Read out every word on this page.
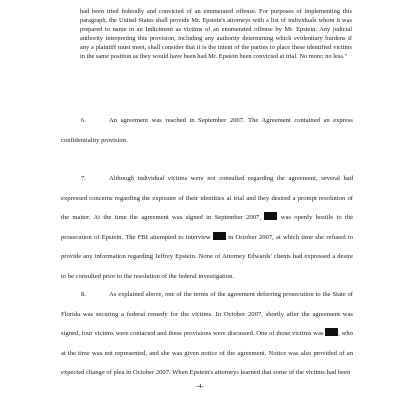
had been tried federally and convicted of an enumerated offense. For purposes of implementing this paragraph, the United States shall provide Mr. Epstein's attorneys with a list of individuals whom it was prepared to name in an Indictment as victims of an enumerated offense by Mr. Epstein. Any judicial authority interpreting this provision, including any authority determining which evidentiary burdens if any a plaintiff must meet, shall consider that it is the intent of the parties to place these identified victims in the same position as they would have been had Mr. Epstein been convicted at trial. No more; no less."
6.	An agreement was reached in September 2007. The Agreement contained an express confidentiality provision.
7.	Although individual victims were not consulted regarding the agreement, several had expressed concerns regarding the exposure of their identities at trial and they desired a prompt resolution of the matter. At the time the agreement was signed in September 2007,	was openly hostile to the prosecution of Epstein. The FBI attempted to interview	in October 2007, at which time she refused to provide any information regarding Jeffrey Epstein. None of Attorney Edwards' clients had expressed a desire to be consulted prior to the resolution of the federal investigation.
8.	As explained above, one of the terms of the agreement deferring prosecution to the State of Florida was securing a federal remedy for the victims. In October 2007, shortly after the agreement was signed, four victims were contacted and these provisions were discussed. One of those victims was , who at the time was not represented, and she was given notice of the agreement. Notice was also provided of an expected change of plea in October 2007. When Epstein's attorneys learned that some of the victims had been
-4-
